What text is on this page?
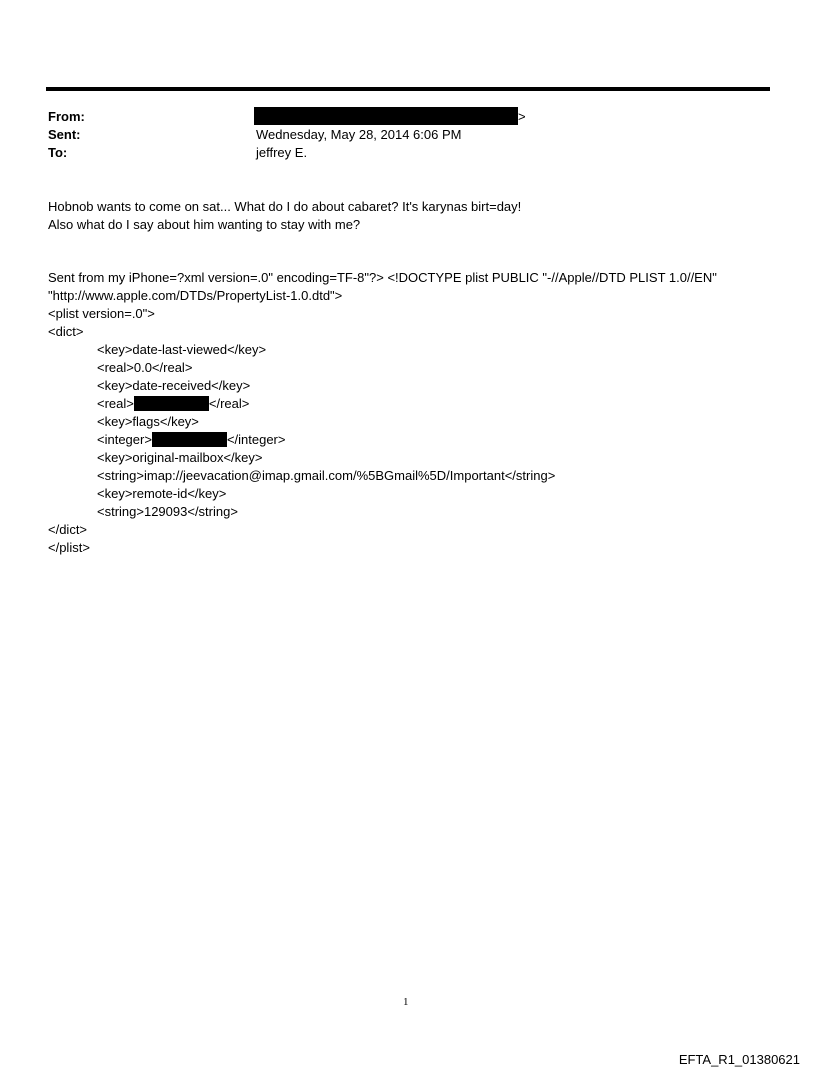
From:	>
Sent:	Wednesday, May 28, 2014 6:06 PM
To:	jeffrey E.
Hobnob wants to come on sat... What do I do about cabaret? It's karynas birt=day!
Also what do I say about him wanting to stay with me?
Sent from my iPhone=?xml version=.0" encoding=TF-8"?> <!DOCTYPE plist PUBLIC "-//Apple//DTD PLIST 1.0//EN"
"http://www.apple.com/DTDs/PropertyList-1.0.dtd">
<plist version=.0">
<dict>
<key>date-last-viewed</key>
<real>0.0</real>
<key>date-received</key>
<real>	</real>
<key>flags</key>
<integer>	</integer>
<key>original-mailbox</key>
<string>imap://jeevacation@imap.gmail.com/%5BGmail%5D/Important</string>
<key>remote-id</key>
<string>129093</string>
</dict>
</plist>
1
EFTA_R1_01380621
